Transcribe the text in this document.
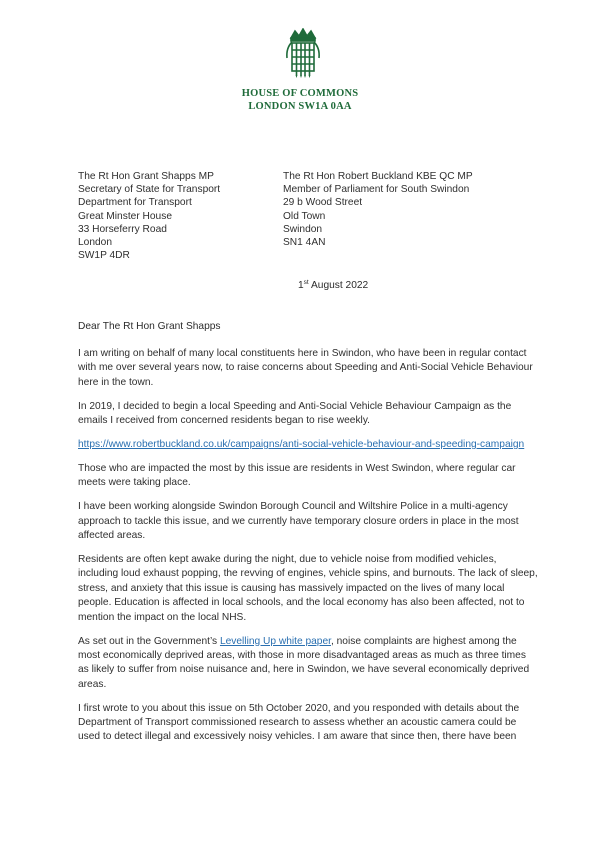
HOUSE OF COMMONS
LONDON SW1A 0AA
The Rt Hon Grant Shapps MP
Secretary of State for Transport
Department for Transport
Great Minster House
33 Horseferry Road
London
SW1P 4DR
The Rt Hon Robert Buckland KBE QC MP
Member of Parliament for South Swindon
29 b Wood Street
Old Town
Swindon
SN1 4AN
1st August 2022
Dear The Rt Hon Grant Shapps

I am writing on behalf of many local constituents here in Swindon, who have been in regular contact with me over several years now, to raise concerns about Speeding and Anti-Social Vehicle Behaviour here in the town.

In 2019, I decided to begin a local Speeding and Anti-Social Vehicle Behaviour Campaign as the emails I received from concerned residents began to rise weekly.

https://www.robertbuckland.co.uk/campaigns/anti-social-vehicle-behaviour-and-speeding-campaign

Those who are impacted the most by this issue are residents in West Swindon, where regular car meets were taking place.

I have been working alongside Swindon Borough Council and Wiltshire Police in a multi-agency approach to tackle this issue, and we currently have temporary closure orders in place in the most affected areas.

Residents are often kept awake during the night, due to vehicle noise from modified vehicles, including loud exhaust popping, the revving of engines, vehicle spins, and burnouts. The lack of sleep, stress, and anxiety that this issue is causing has massively impacted on the lives of many local people. Education is affected in local schools, and the local economy has also been affected, not to mention the impact on the local NHS.

As set out in the Government’s Levelling Up white paper, noise complaints are highest among the most economically deprived areas, with those in more disadvantaged areas as much as three times as likely to suffer from noise nuisance and, here in Swindon, we have several economically deprived areas.

I first wrote to you about this issue on 5th October 2020, and you responded with details about the Department of Transport commissioned research to assess whether an acoustic camera could be used to detect illegal and excessively noisy vehicles. I am aware that since then, there have been
